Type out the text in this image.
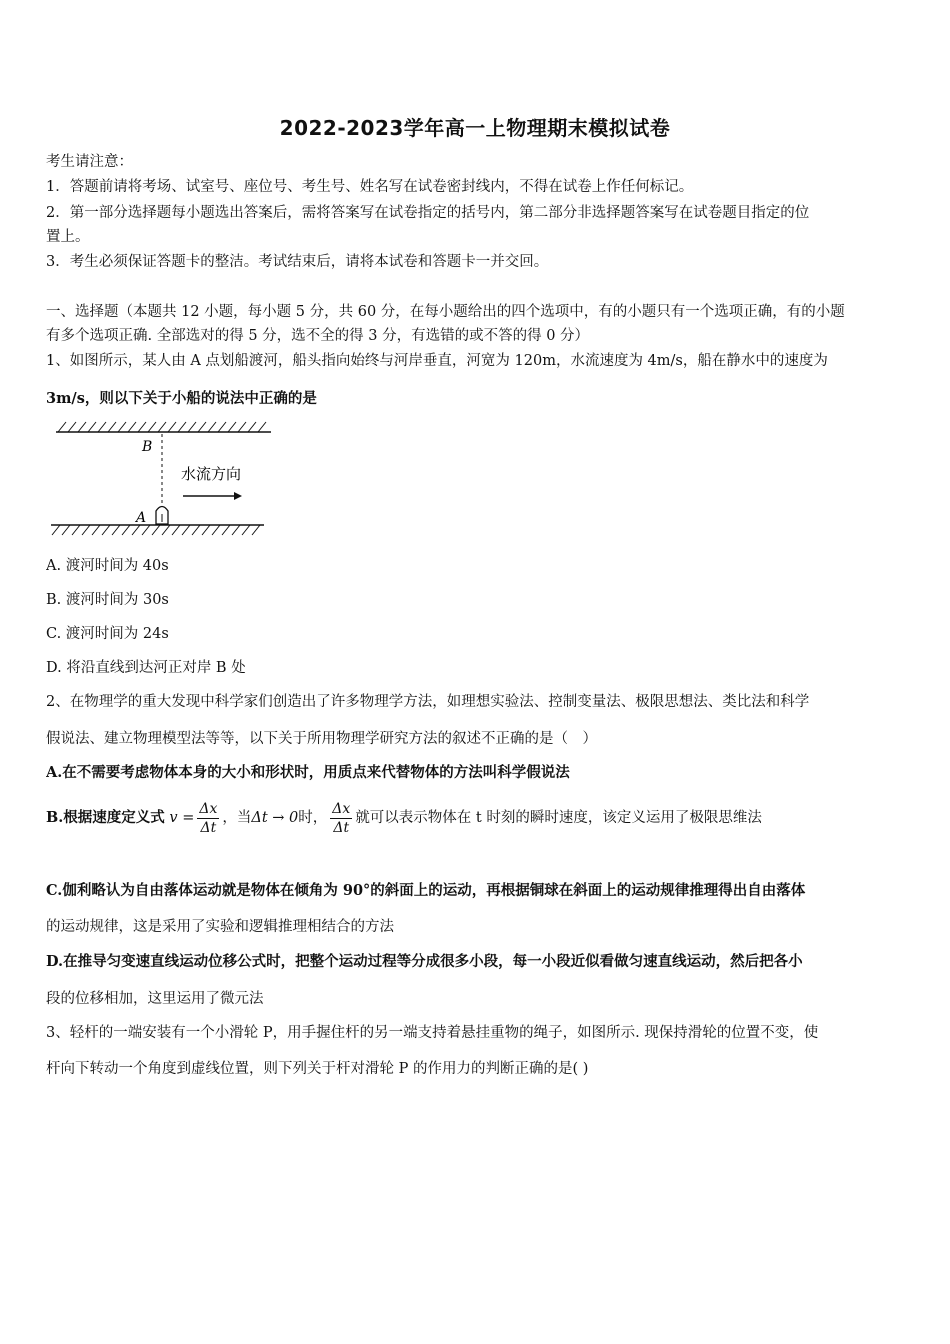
2022-2023学年高一上物理期末模拟试卷
考生请注意：
1．答题前请将考场、试室号、座位号、考生号、姓名写在试卷密封线内，不得在试卷上作任何标记。
2．第一部分选择题每小题选出答案后，需将答案写在试卷指定的括号内，第二部分非选择题答案写在试卷题目指定的位
置上。
3．考生必须保证答题卡的整洁。考试结束后，请将本试卷和答题卡一并交回。
一、选择题（本题共 12 小题，每小题 5 分，共 60 分，在每小题给出的四个选项中，有的小题只有一个选项正确，有的小题
有多个选项正确. 全部选对的得 5 分，选不全的得 3 分，有选错的或不答的得 0 分）
1、如图所示，某人由 A 点划船渡河，船头指向始终与河岸垂直，河宽为 120m，水流速度为 4m/s，船在静水中的速度为
3m/s，则以下关于小船的说法中正确的是
B
A
水流方向
A. 渡河时间为 40s
B. 渡河时间为 30s
C. 渡河时间为 24s
D. 将沿直线到达河正对岸 B 处
2、在物理学的重大发现中科学家们创造出了许多物理学方法，如理想实验法、控制变量法、极限思想法、类比法和科学
假说法、建立物理模型法等等，以下关于所用物理学研究方法的叙述不正确的是（　）
A.在不需要考虑物体本身的大小和形状时，用质点来代替物体的方法叫科学假说法
B.根据速度定义式 $v = \frac{\Delta x}{\Delta t}$ ，当Δt → 0时， $\frac{\Delta x}{\Delta t}$ 就可以表示物体在 t 时刻的瞬时速度，该定义运用了极限思维法
C.伽利略认为自由落体运动就是物体在倾角为 90°的斜面上的运动，再根据铜球在斜面上的运动规律推理得出自由落体
的运动规律，这是采用了实验和逻辑推理相结合的方法
D.在推导匀变速直线运动位移公式时，把整个运动过程等分成很多小段，每一小段近似看做匀速直线运动，然后把各小
段的位移相加，这里运用了微元法
3、轻杆的一端安装有一个小滑轮 P，用手握住杆的另一端支持着悬挂重物的绳子，如图所示. 现保持滑轮的位置不变，使
杆向下转动一个角度到虚线位置，则下列关于杆对滑轮 P 的作用力的判断正确的是( )
